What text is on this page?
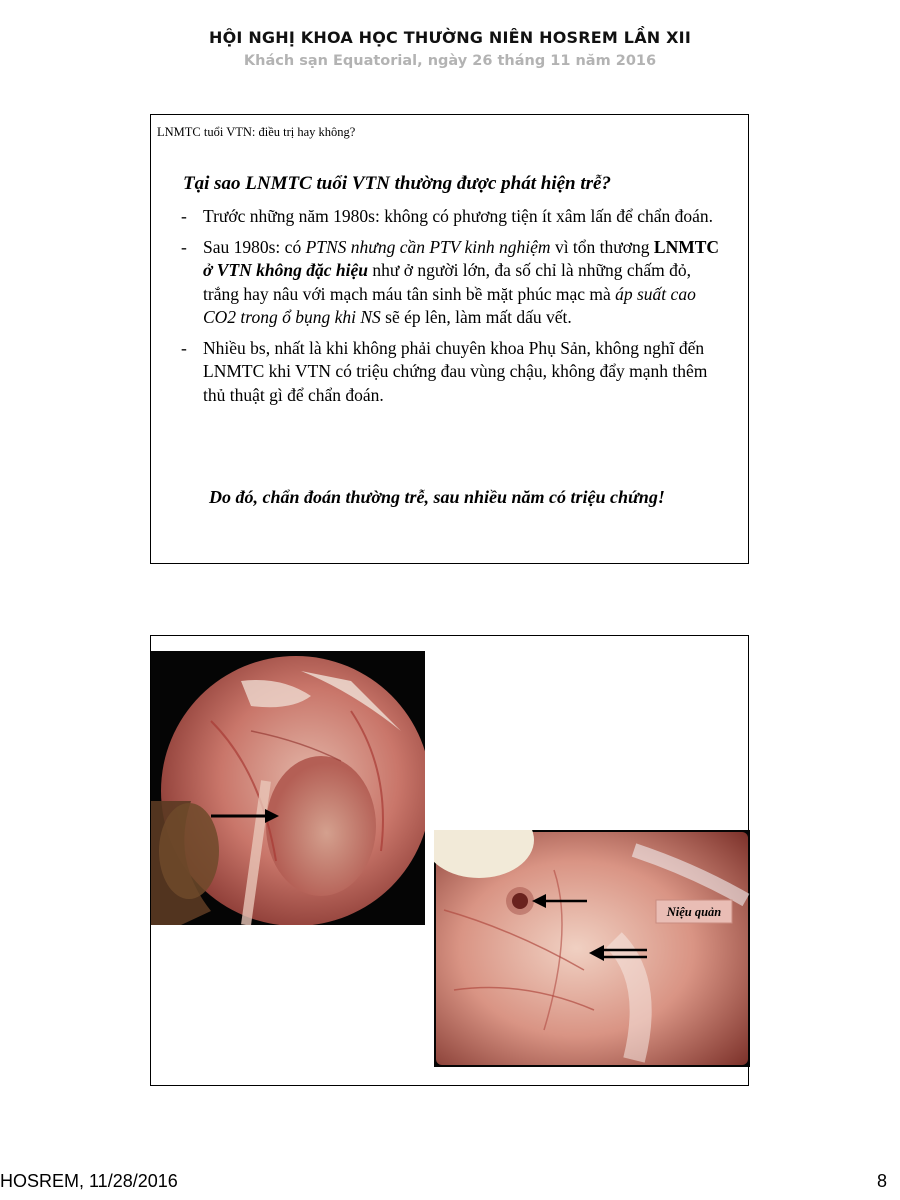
HỘI NGHỊ KHOA HỌC THƯỜNG NIÊN HOSREM LẦN XII
Khách sạn Equatorial, ngày 26 tháng 11 năm 2016
LNMTC tuổi VTN: điều trị hay không?
Tại sao LNMTC tuổi VTN thường được phát hiện trễ?
- Trước những năm 1980s: không có phương tiện ít xâm lấn để chẩn đoán.
- Sau 1980s: có PTNS nhưng cần PTV kinh nghiệm vì tổn thương LNMTC ở VTN không đặc hiệu như ở người lớn, đa số chỉ là những chấm đỏ, trắng hay nâu với mạch máu tân sinh bề mặt phúc mạc mà áp suất cao CO2 trong ổ bụng khi NS sẽ ép lên, làm mất dấu vết.
- Nhiều bs, nhất là khi không phải chuyên khoa Phụ Sản, không nghĩ đến LNMTC khi VTN có triệu chứng đau vùng chậu, không đẩy mạnh thêm thủ thuật gì để chẩn đoán.
Do đó, chẩn đoán thường trễ, sau nhiều năm có triệu chứng!
Niệu quản
HOSREM, 11/28/2016	8
